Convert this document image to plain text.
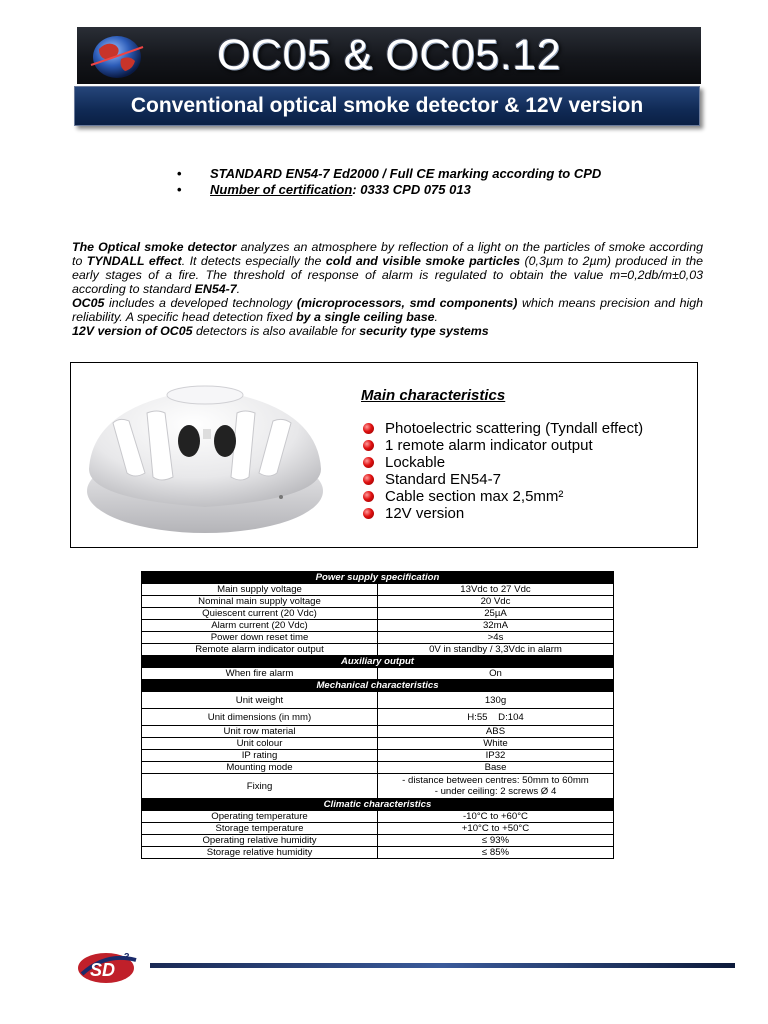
OC05 & OC05.12
Conventional optical smoke detector & 12V version
• STANDARD EN54-7 Ed2000 / Full CE marking according to CPD
• Number of certification: 0333 CPD 075 013

The Optical smoke detector analyzes an atmosphere by reflection of a light on the particles of smoke according to TYNDALL effect. It detects especially the cold and visible smoke particles (0,3µm to 2µm) produced in the early stages of a fire. The threshold of response of alarm is regulated to obtain the value m=0,2db/m±0,03 according to standard EN54-7.

OC05 includes a developed technology (microprocessors, smd components) which means precision and high reliability. A specific head detection fixed by a single ceiling base.

12V version of OC05 detectors is also available for security type systems

Main characteristics
Photoelectric scattering (Tyndall effect)
1 remote alarm indicator output
Lockable
Standard EN54-7
Cable section max 2,5mm²
12V version
Power supply specification	
Main supply voltage	13Vdc to 27 Vdc
Nominal main supply voltage	20 Vdc
Quiescent current (20 Vdc)	25µA
Alarm current (20 Vdc)	32mA
Power down reset time	>4s
Remote alarm indicator output	0V in standby / 3,3Vdc in alarm
Auxiliary output	
When fire alarm	On
Mechanical characteristics	
Unit weight	130g
Unit dimensions (in mm)	H:55    D:104
Unit row material	ABS
Unit colour	White
IP rating	IP32
Mounting mode	Base
Fixing	- distance between centres: 50mm to 60mm
- under ceiling: 2 screws Ø 4

Climatic characteristics	
Operating temperature	-10°C to +60°C
Storage temperature	+10°C to +50°C
Operating relative humidity	≤ 93%
Storage relative humidity	≤ 85%
SD
3
